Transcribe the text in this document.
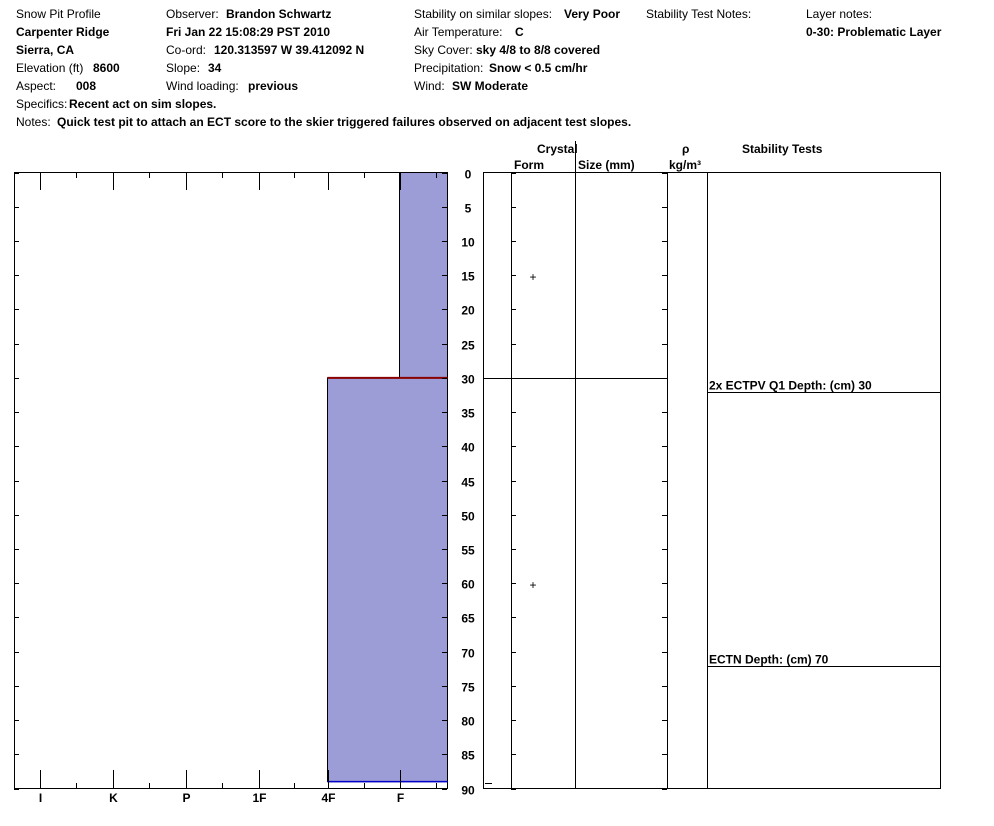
Snow Pit Profile
Carpenter Ridge
Sierra, CA
Elevation (ft) 8600
Aspect: 008
Specifics: Recent act on sim slopes.
Notes: Quick test pit to attach an ECT score to the skier triggered failures observed on adjacent test slopes.
Observer: Brandon Schwartz
Fri Jan 22 15:08:29 PST 2010
Co-ord: 120.313597 W 39.412092 N
Slope: 34
Wind loading: previous
Stability on similar slopes: Very Poor
Air Temperature: C
Sky Cover: sky 4/8 to 8/8 covered
Precipitation: Snow < 0.5 cm/hr
Wind: SW Moderate
Stability Test Notes:	Layer notes:
0-30: Problematic Layer
Crystal
Form	Size (mm)
ρ
kg/m³
Stability Tests
+
+
0
5
10
15
20
25
30
35
40
45
50
55
60
65
70
75
80
85
90
I	K	P	1F	4F	F
2x ECTPV Q1 Depth: (cm) 30
ECTN Depth: (cm) 70
